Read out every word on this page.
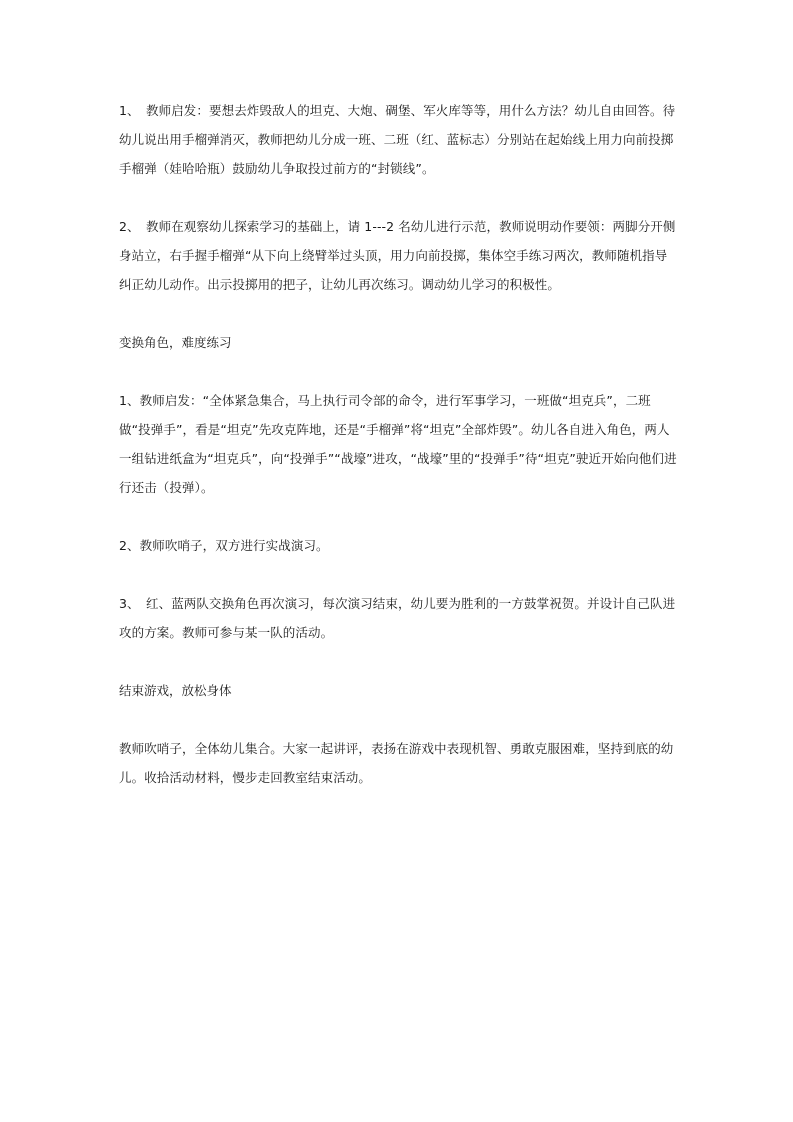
1、　教师启发：要想去炸毁敌人的坦克、大炮、碉堡、军火库等等，用什么方法？幼儿自由回答。待幼儿说出用手榴弹消灭，教师把幼儿分成一班、二班（红、蓝标志）分别站在起始线上用力向前投掷手榴弹（娃哈哈瓶）鼓励幼儿争取投过前方的“封锁线”。

2、　教师在观察幼儿探索学习的基础上，请 1---2 名幼儿进行示范，教师说明动作要领：两脚分开侧身站立，右手握手榴弹“从下向上绕臂举过头顶，用力向前投掷，集体空手练习两次，教师随机指导纠正幼儿动作。出示投掷用的把子，让幼儿再次练习。调动幼儿学习的积极性。

变换角色，难度练习

1、教师启发：“全体紧急集合，马上执行司令部的命令，进行军事学习，一班做“坦克兵”，二班做“投弹手”，看是“坦克”先攻克阵地，还是“手榴弹”将“坦克”全部炸毁”。幼儿各自进入角色，两人一组钻进纸盒为“坦克兵”，向“投弹手”“战壕”进攻，“战壕”里的“投弹手”待“坦克”驶近开始向他们进行还击（投弹）。

2、教师吹哨子，双方进行实战演习。

3、　红、蓝两队交换角色再次演习，每次演习结束，幼儿要为胜利的一方鼓掌祝贺。并设计自己队进攻的方案。教师可参与某一队的活动。

结束游戏，放松身体

教师吹哨子，全体幼儿集合。大家一起讲评，表扬在游戏中表现机智、勇敢克服困难，坚持到底的幼儿。收拾活动材料，慢步走回教室结束活动。
